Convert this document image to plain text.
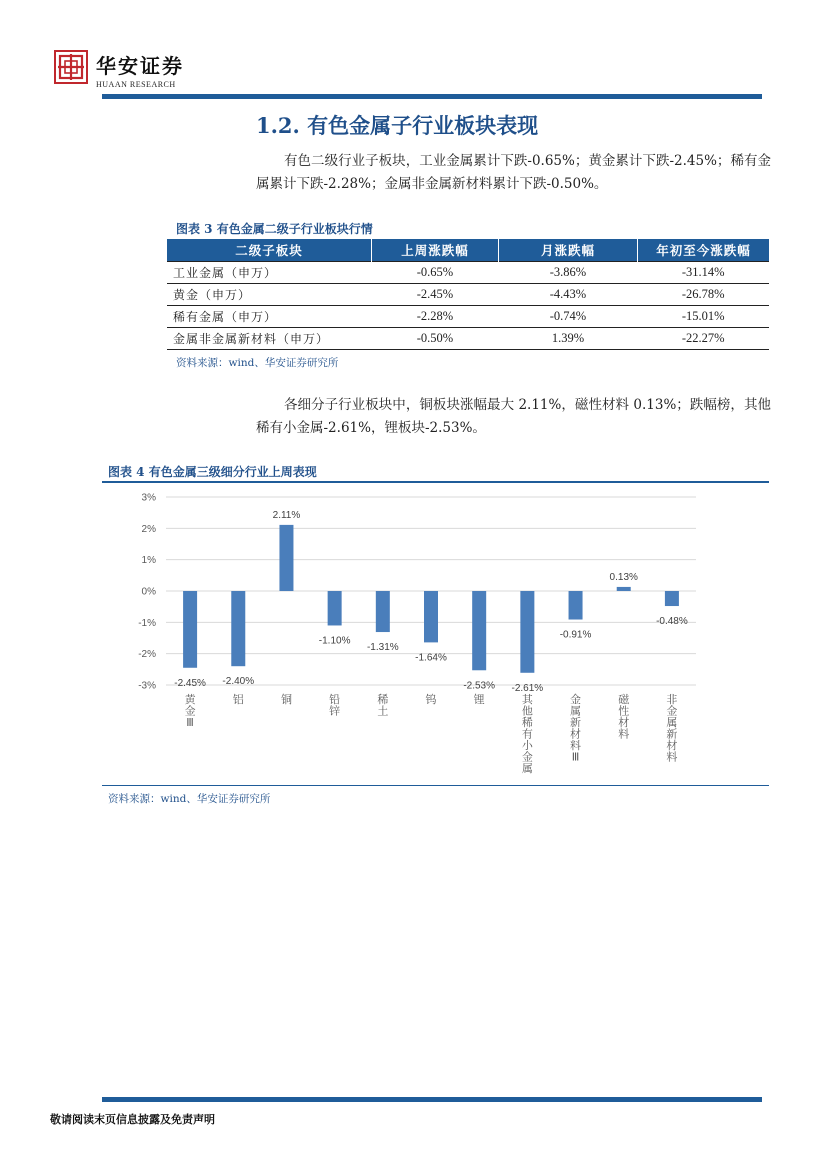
华安证券
HUAAN RESEARCH
1.2. 有色金属子行业板块表现
有色二级行业子板块，工业金属累计下跌-0.65%；黄金累计下跌-2.45%；稀有金属累计下跌-2.28%；金属非金属新材料累计下跌-0.50%。
图表 3 有色金属二级子行业板块行情
二级子板块	上周涨跌幅	月涨跌幅	年初至今涨跌幅
工业金属（申万）	-0.65%	-3.86%	-31.14%
黄金（申万）	-2.45%	-4.43%	-26.78%
稀有金属（申万）	-2.28%	-0.74%	-15.01%
金属非金属新材料（申万）	-0.50%	1.39%	-22.27%
资料来源：wind、华安证券研究所
各细分子行业板块中，铜板块涨幅最大 2.11%，磁性材料 0.13%；跌幅榜，其他稀有小金属-2.61%，锂板块-2.53%。
图表 4 有色金属三级细分行业上周表现
3%
2%
1%
0%
-1%
-2%
-3% -2.45%
黄
金
Ⅲ
-2.40%
铝
2.11%
铜
-1.10%
铅
锌
-1.31%
稀
土
-1.64%
钨
-2.53%
锂
-2.61%
其
他
稀
有
小
金
属
-0.91%
金
属
新
材
料
Ⅲ
0.13%
磁
性
材
料
-0.48%
非
金
属
新
材
料
资料来源：wind、华安证券研究所
敬请阅读末页信息披露及免责声明
